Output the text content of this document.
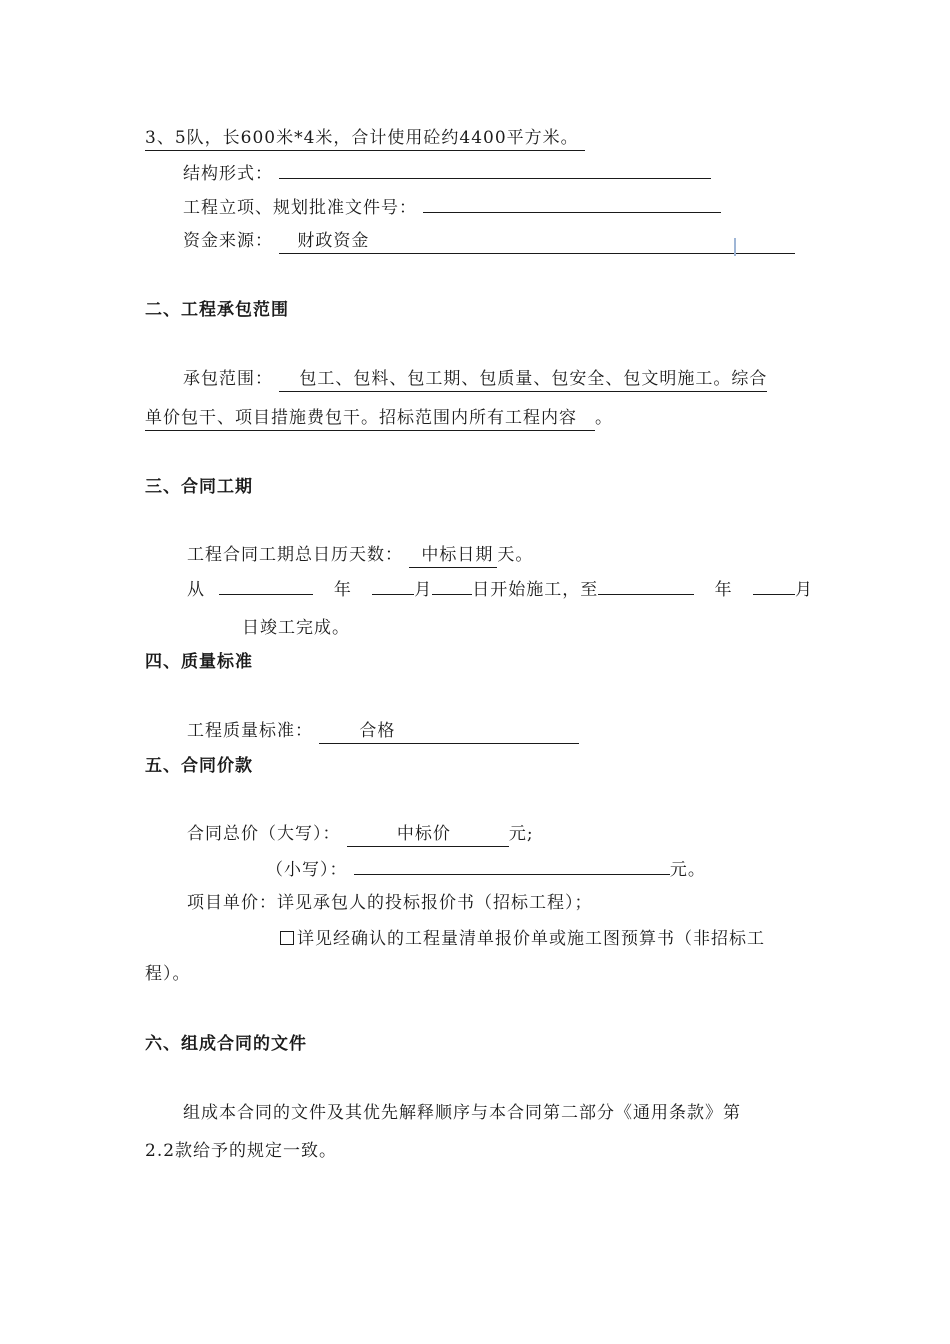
3、5队，长600米*4米，合计使用砼约4400平方米。
结构形式：
工程立项、规划批准文件号：
资金来源： 财政资金
二、工程承包范围
承包范围： 包工、包料、包工期、包质量、包安全、包文明施工。综合
单价包干、项目措施费包干。招标范围内所有工程内容 。
三、合同工期
工程合同工期总日历天数： 中标日期 天。
从	年	月 日开始施工，至	年	月
日竣工完成。
四、质量标准
工程质量标准：	合格
五、合同价款
合同总价（大写）：	中标价	元;
（小写）：	元。
项目单价：详见承包人的投标报价书（招标工程）；
详见经确认的工程量清单报价单或施工图预算书（非招标工
程）。
六、组成合同的文件
组成本合同的文件及其优先解释顺序与本合同第二部分《通用条款》第
2.2款给予的规定一致。
